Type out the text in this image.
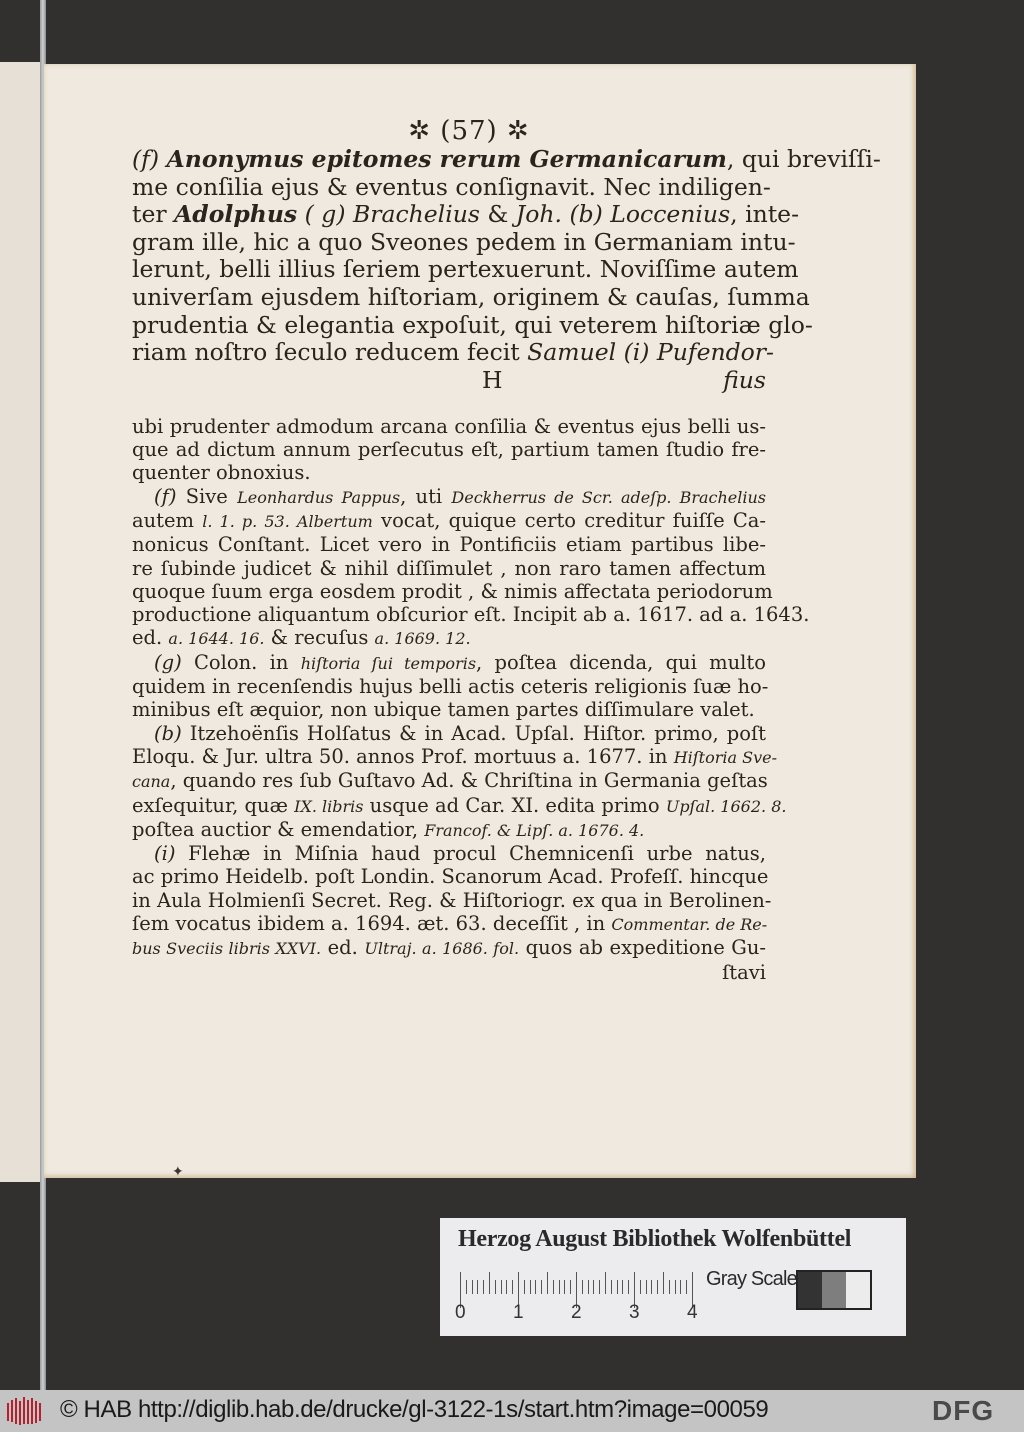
✲ (57) ✲
(f) Anonymus epitomes rerum Germanicarum, qui breviſſi-
me conſilia ejus & eventus conſignavit. Nec indiligen-
ter Adolphus ( g) Brachelius & Joh. (b) Loccenius, inte-
gram ille, hic a quo Sveones pedem in Germaniam intu-
lerunt, belli illius ſeriem pertexuerunt. Noviſſime autem
univerſam ejusdem hiſtoriam, originem & cauſas, ſumma
prudentia & elegantia expoſuit, qui veterem hiſtoriæ glo-
riam noſtro ſeculo reducem fecit Samuel (i) Pufendor-
H	fius
ubi prudenter admodum arcana conſilia & eventus ejus belli us-
que ad dictum annum perſecutus eſt, partium tamen ſtudio fre-
quenter obnoxius.
(f) Sive Leonhardus Pappus, uti Deckherrus de Scr. adeſp. Brachelius
autem l. 1. p. 53. Albertum vocat, quique certo creditur fuiſſe Ca-
nonicus Conſtant. Licet vero in Pontificiis etiam partibus libe-
re ſubinde judicet & nihil diſſimulet , non raro tamen affectum
quoque ſuum erga eosdem prodit , & nimis affectata periodorum
productione aliquantum obſcurior eſt. Incipit ab a. 1617. ad a. 1643.
ed. a. 1644. 16. & recuſus a. 1669. 12.
(g) Colon. in hiſtoria ſui temporis, poſtea dicenda, qui multo
quidem in recenſendis hujus belli actis ceteris religionis ſuæ ho-
minibus eſt æquior, non ubique tamen partes diſſimulare valet.
(b) Itzehoënſis Holſatus & in Acad. Upſal. Hiſtor. primo, poſt
Eloqu. & Jur. ultra 50. annos Prof. mortuus a. 1677. in Hiſtoria Sve-
cana, quando res ſub Guſtavo Ad. & Chriſtina in Germania geſtas
exſequitur, quæ IX. libris usque ad Car. XI. edita primo Upſal. 1662. 8.
poſtea auctior & emendatior, Francof. & Lipſ. a. 1676. 4.
(i) Flehæ in Miſnia haud procul Chemnicenſi urbe natus,
ac primo Heidelb. poſt Londin. Scanorum Acad. Profeſſ. hincque
in Aula Holmienſi Secret. Reg. & Hiſtoriogr. ex qua in Berolinen-
ſem vocatus ibidem a. 1694. æt. 63. deceſſit , in Commentar. de Re-
bus Sveciis libris XXVI. ed. Ultraj. a. 1686. fol. quos ab expeditione Gu-
ſtavi
✦
Herzog August Bibliothek Wolfenbüttel
Gray Scale
0 1 2 3 4
© HAB http://diglib.hab.de/drucke/gl-3122-1s/start.htm?image=00059	DFG
